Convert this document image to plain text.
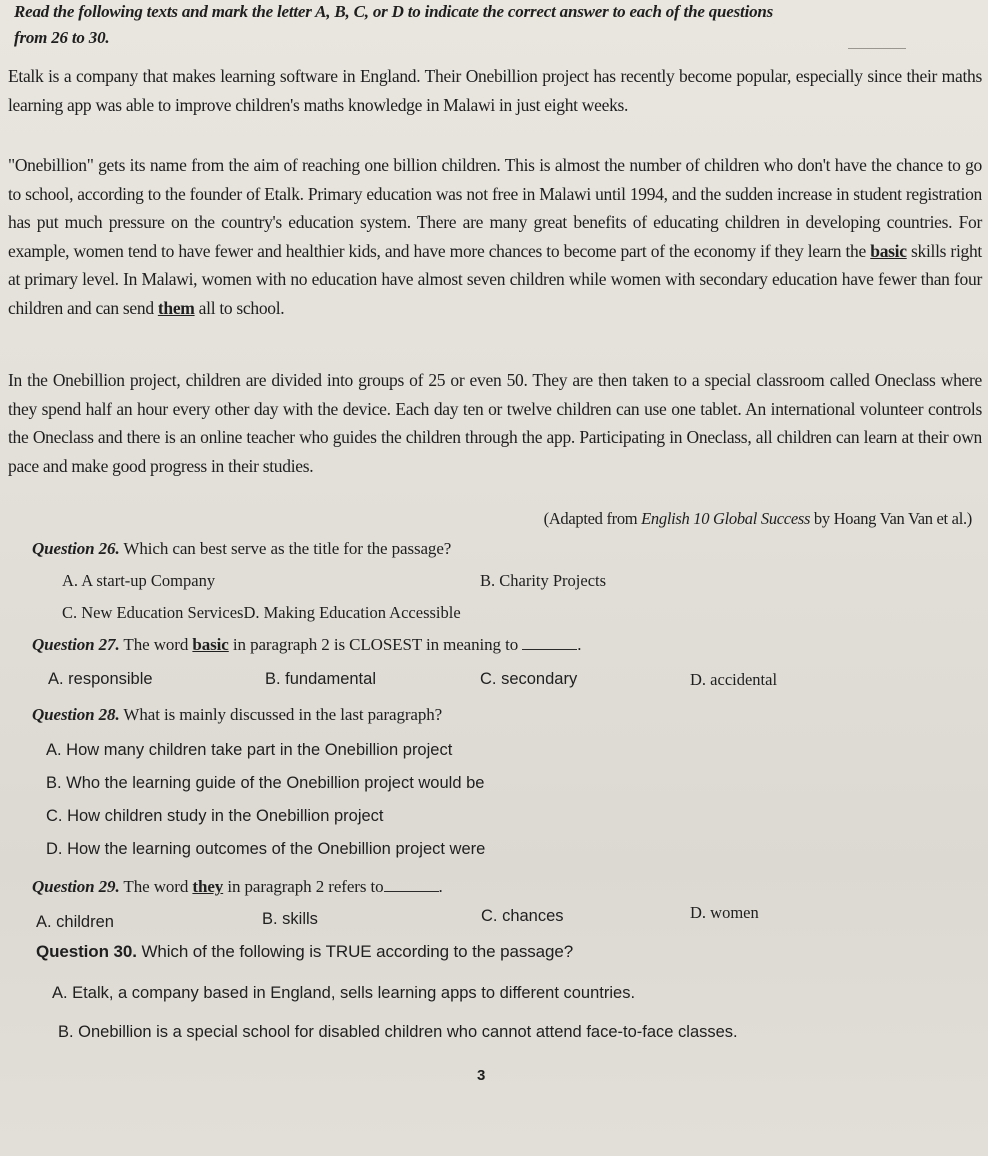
Read the following texts and mark the letter A, B, C, or D to indicate the correct answer to each of the questions
from 26 to 30.
Etalk is a company that makes learning software in England. Their Onebillion project has recently become popular, especially since their maths learning app was able to improve children's maths knowledge in Malawi in just eight weeks.
"Onebillion" gets its name from the aim of reaching one billion children. This is almost the number of children who don't have the chance to go to school, according to the founder of Etalk. Primary education was not free in Malawi until 1994, and the sudden increase in student registration has put much pressure on the country's education system. There are many great benefits of educating children in developing countries. For example, women tend to have fewer and healthier kids, and have more chances to become part of the economy if they learn the basic skills right at primary level. In Malawi, women with no education have almost seven children while women with secondary education have fewer than four children and can send them all to school.
In the Onebillion project, children are divided into groups of 25 or even 50. They are then taken to a special classroom called Oneclass where they spend half an hour every other day with the device. Each day ten or twelve children can use one tablet. An international volunteer controls the Oneclass and there is an online teacher who guides the children through the app. Participating in Oneclass, all children can learn at their own pace and make good progress in their studies.
(Adapted from English 10 Global Success by Hoang Van Van et al.)
Question 26. Which can best serve as the title for the passage?
A. A start-up Company	B. Charity Projects
C. New Education ServicesD. Making Education Accessible
Question 27. The word basic in paragraph 2 is CLOSEST in meaning to	.
A. responsible	B. fundamental	C. secondary	D. accidental
Question 28. What is mainly discussed in the last paragraph?
A. How many children take part in the Onebillion project
B. Who the learning guide of the Onebillion project would be
C. How children study in the Onebillion project
D. How the learning outcomes of the Onebillion project were
Question 29. The word they in paragraph 2 refers to	.
A. children	B. skills	C. chances	D. women
Question 30. Which of the following is TRUE according to the passage?
A. Etalk, a company based in England, sells learning apps to different countries.
B. Onebillion is a special school for disabled children who cannot attend face-to-face classes.
3
